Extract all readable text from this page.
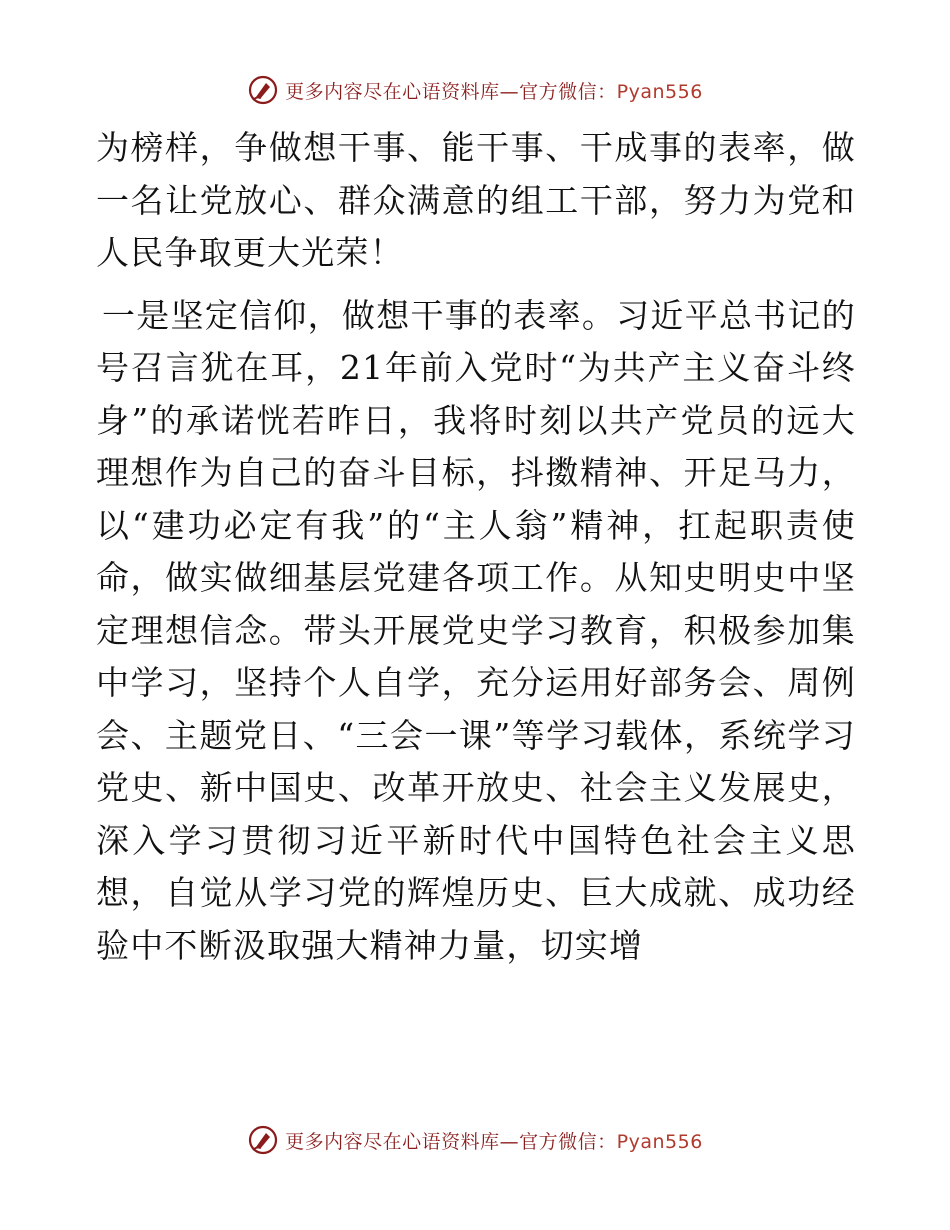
更多内容尽在心语资料库—官方微信：Pyan556

为榜样，争做想干事、能干事、干成事的表率，做一名让党放心、群众满意的组工干部，努力为党和人民争取更大光荣！

一是坚定信仰，做想干事的表率。习近平总书记的号召言犹在耳，21年前入党时“为共产主义奋斗终身”的承诺恍若昨日，我将时刻以共产党员的远大理想作为自己的奋斗目标，抖擞精神、开足马力，以“建功必定有我”的“主人翁”精神，扛起职责使命，做实做细基层党建各项工作。从知史明史中坚定理想信念。带头开展党史学习教育，积极参加集中学习，坚持个人自学，充分运用好部务会、周例会、主题党日、“三会一课”等学习载体，系统学习党史、新中国史、改革开放史、社会主义发展史，深入学习贯彻习近平新时代中国特色社会主义思想，自觉从学习党的辉煌历史、巨大成就、成功经验中不断汲取强大精神力量，切实增

更多内容尽在心语资料库—官方微信：Pyan556
